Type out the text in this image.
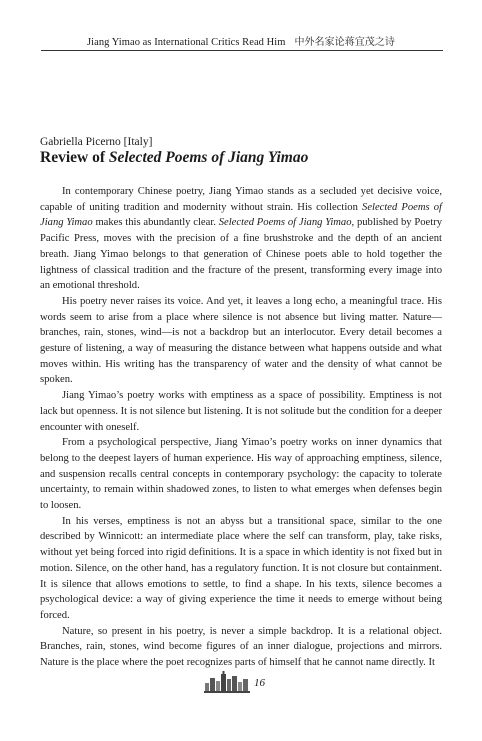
Jiang Yimao as International Critics Read Him 中外名家论蒋宜茂之诗
Gabriella Picerno [Italy]
Review of Selected Poems of Jiang Yimao

In contemporary Chinese poetry, Jiang Yimao stands as a secluded yet decisive voice, capable of uniting tradition and modernity without strain. His collection Selected Poems of Jiang Yimao makes this abundantly clear. Selected Poems of Jiang Yimao, published by Poetry Pacific Press, moves with the precision of a fine brushstroke and the depth of an ancient breath. Jiang Yimao belongs to that generation of Chinese poets able to hold together the lightness of classical tradition and the fracture of the present, transforming every image into an emotional threshold.

His poetry never raises its voice. And yet, it leaves a long echo, a meaningful trace. His words seem to arise from a place where silence is not absence but living matter. Nature—branches, rain, stones, wind—is not a backdrop but an interlocutor. Every detail becomes a gesture of listening, a way of measuring the distance between what happens outside and what moves within. His writing has the transparency of water and the density of what cannot be spoken.

Jiang Yimao’s poetry works with emptiness as a space of possibility. Emptiness is not lack but openness. It is not silence but listening. It is not solitude but the condition for a deeper encounter with oneself.

From a psychological perspective, Jiang Yimao’s poetry works on inner dynamics that belong to the deepest layers of human experience. His way of approaching emptiness, silence, and suspension recalls central concepts in contemporary psychology: the capacity to tolerate uncertainty, to remain within shadowed zones, to listen to what emerges when defenses begin to loosen.

In his verses, emptiness is not an abyss but a transitional space, similar to the one described by Winnicott: an intermediate place where the self can transform, play, take risks, without yet being forced into rigid definitions. It is a space in which identity is not fixed but in motion. Silence, on the other hand, has a regulatory function. It is not closure but containment. It is silence that allows emotions to settle, to find a shape. In his texts, silence becomes a psychological device: a way of giving experience the time it needs to emerge without being forced.

Nature, so present in his poetry, is never a simple backdrop. It is a relational object. Branches, rain, stones, wind become figures of an inner dialogue, projections and mirrors. Nature is the place where the poet recognizes parts of himself that he cannot name directly. It

16
